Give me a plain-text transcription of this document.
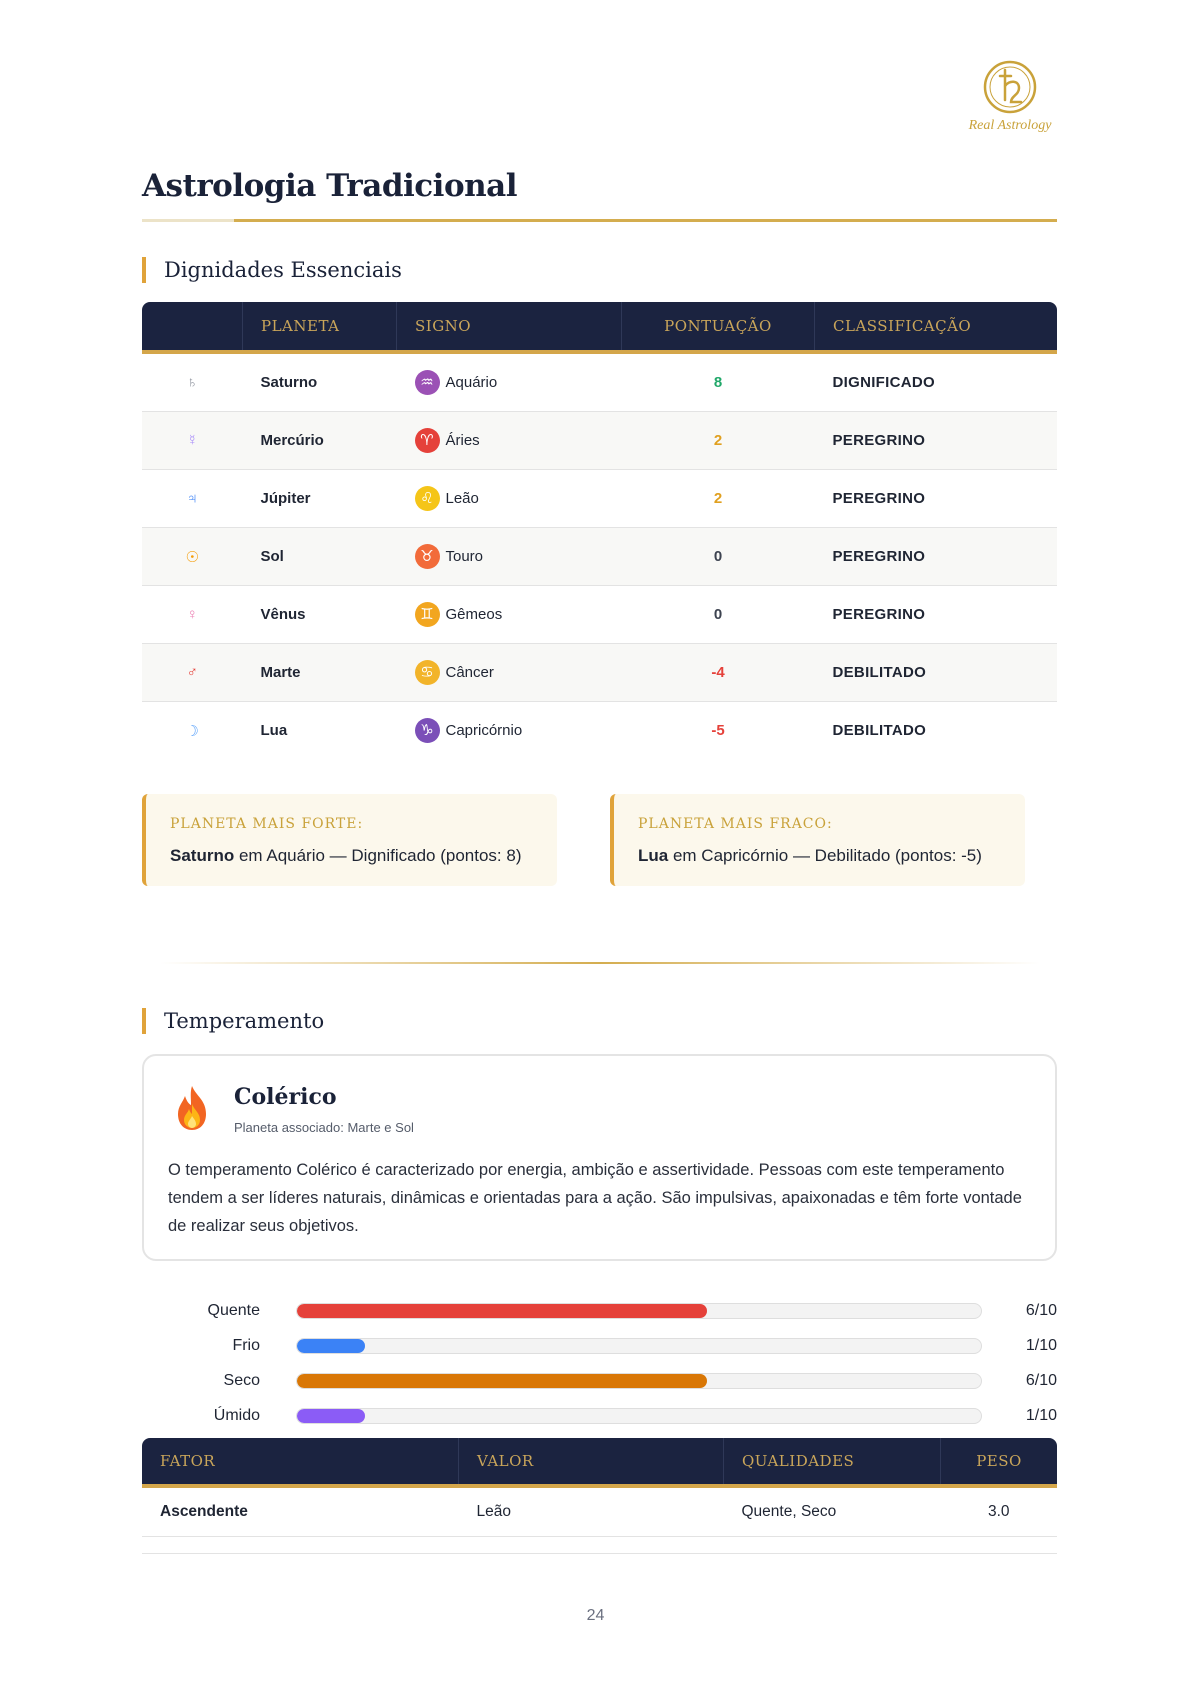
Real Astrology
Astrologia Tradicional
Dignidades Essenciais
	PLANETA	SIGNO	PONTUAÇÃO	CLASSIFICAÇÃO
♄	Saturno	♒ Aquário	8	DIGNIFICADO
☿	Mercúrio	♈ Áries	2	PEREGRINO
♃	Júpiter	♌ Leão	2	PEREGRINO
☉	Sol	♉ Touro	0	PEREGRINO
♀	Vênus	♊ Gêmeos	0	PEREGRINO
♂	Marte	♋ Câncer	-4	DEBILITADO
☽	Lua	♑ Capricórnio	-5	DEBILITADO
PLANETA MAIS FORTE:
Saturno em Aquário — Dignificado (pontos: 8)
PLANETA MAIS FRACO:
Lua em Capricórnio — Debilitado (pontos: -5)
Temperamento
Colérico
Planeta associado: Marte e Sol
O temperamento Colérico é caracterizado por energia, ambição e assertividade. Pessoas com este temperamento tendem a ser líderes naturais, dinâmicas e orientadas para a ação. São impulsivas, apaixonadas e têm forte vontade de realizar seus objetivos.
Quente	6/10
Frio	1/10
Seco	6/10
Úmido	1/10
FATOR	VALOR	QUALIDADES	PESO
Ascendente	Leão	Quente, Seco	3.0
24
